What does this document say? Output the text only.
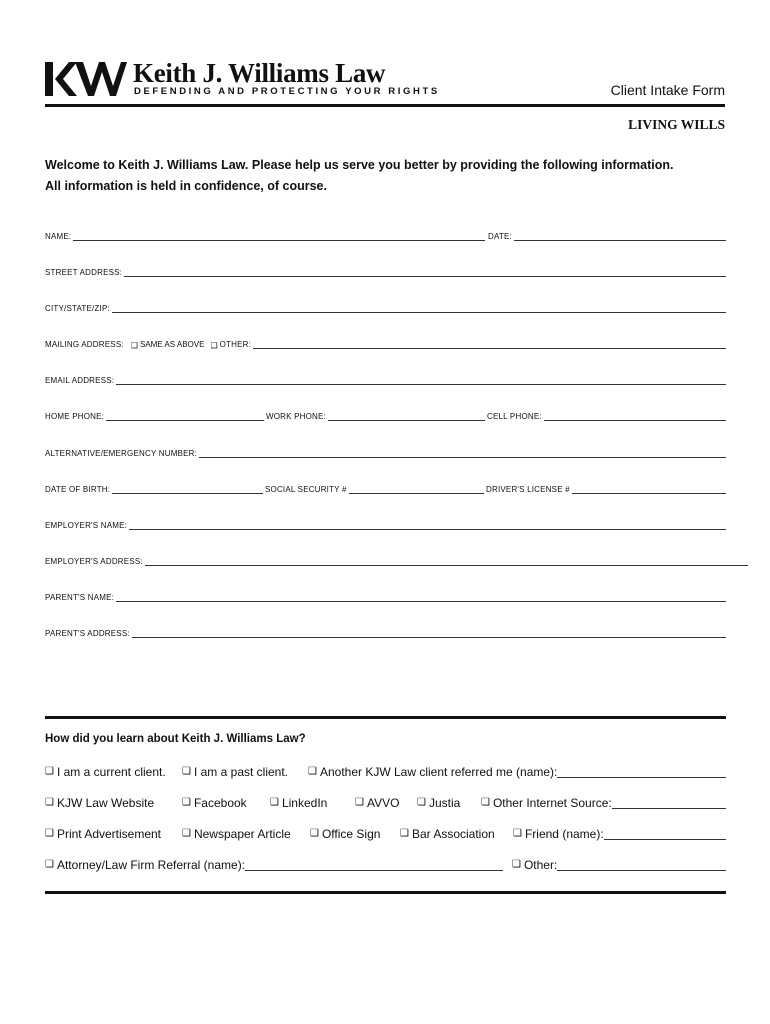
Keith J. Williams Law
DEFENDING AND PROTECTING YOUR RIGHTS	Client Intake Form
LIVING WILLS
Welcome to Keith J. Williams Law. Please help us serve you better by providing the following information.
All information is held in confidence, of course.
NAME:	DATE:
STREET ADDRESS:
CITY/STATE/ZIP:
MAILING ADDRESS: ❑ SAME AS ABOVE ❑ OTHER:
EMAIL ADDRESS:
HOME PHONE:	WORK PHONE:	CELL PHONE:
ALTERNATIVE/EMERGENCY NUMBER:
DATE OF BIRTH:	SOCIAL SECURITY #	DRIVER'S LICENSE #
EMPLOYER'S NAME:
EMPLOYER'S ADDRESS:
PARENT'S NAME:
PARENT'S ADDRESS:
How did you learn about Keith J. Williams Law?
❑ I am a current client. ❑ I am a past client. ❑ Another KJW Law client referred me (name):
❑ KJW Law Website	❑ Facebook ❑ LinkedIn	❑ AVVO ❑ Justia ❑ Other Internet Source:
❑ Print Advertisement ❑ Newspaper Article ❑ Office Sign ❑ Bar Association ❑ Friend (name):
❑ Attorney/Law Firm Referral (name):	❑ Other:
